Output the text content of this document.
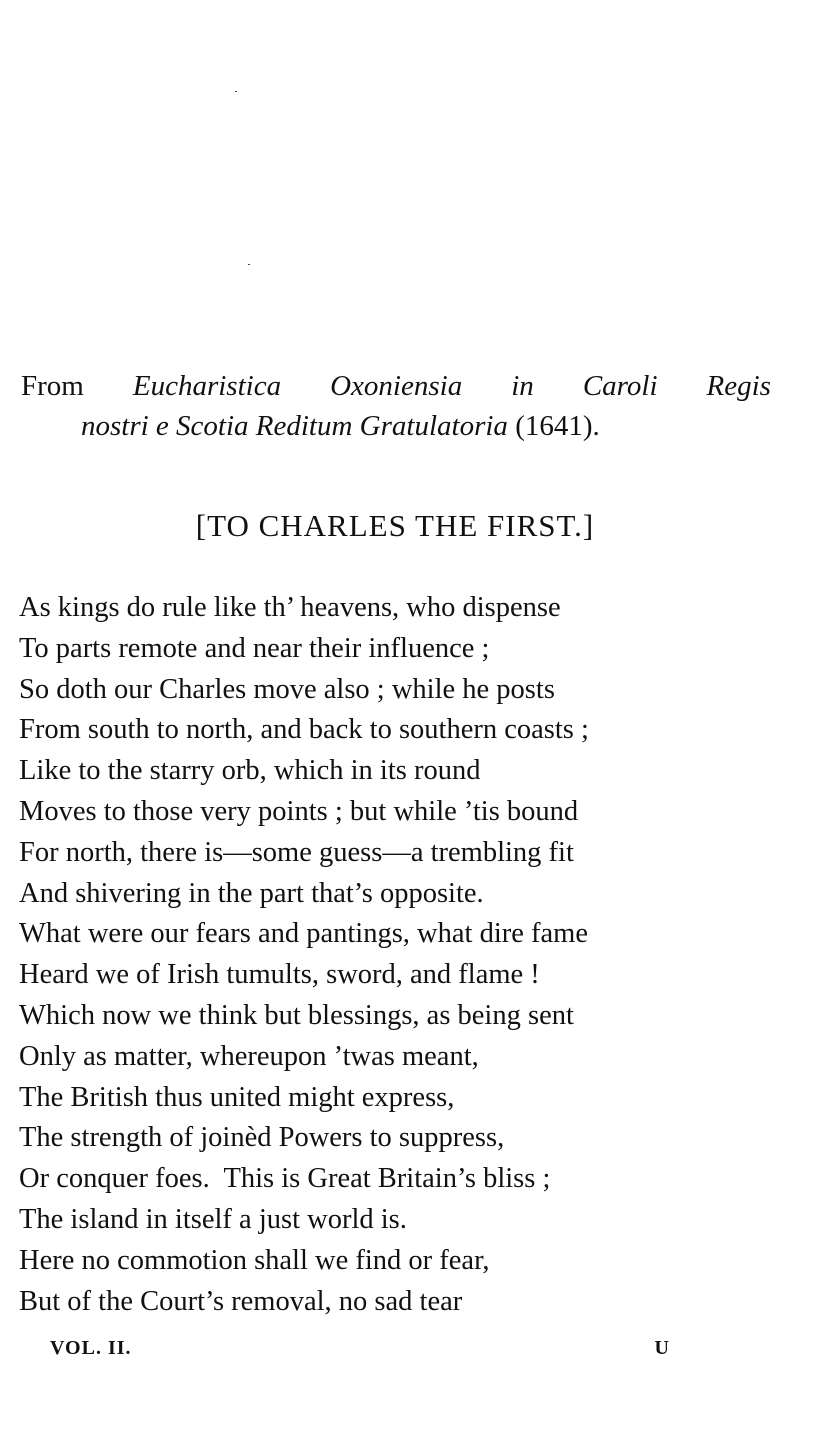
From Eucharistica Oxoniensia in Caroli Regis
nostri e Scotia Reditum Gratulatoria (1641).
[TO CHARLES THE FIRST.]
As kings do rule like th’ heavens, who dispense
To parts remote and near their influence ;
So doth our Charles move also ; while he posts
From south to north, and back to southern coasts ;
Like to the starry orb, which in its round
Moves to those very points ; but while ’tis bound
For north, there is—some guess—a trembling fit
And shivering in the part that’s opposite.
What were our fears and pantings, what dire fame
Heard we of Irish tumults, sword, and flame !
Which now we think but blessings, as being sent
Only as matter, whereupon ’twas meant,
The British thus united might express,
The strength of joinèd Powers to suppress,
Or conquer foes.  This is Great Britain’s bliss ;
The island in itself a just world is.
Here no commotion shall we find or fear,
But of the Court’s removal, no sad tear
VOL. II.	U
